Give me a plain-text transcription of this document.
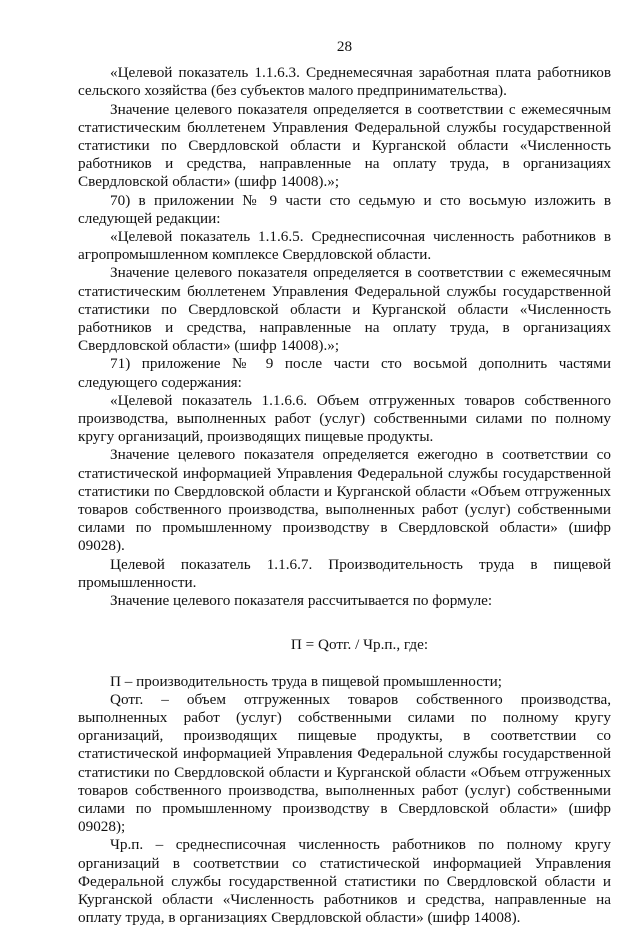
28

«Целевой показатель 1.1.6.3. Среднемесячная заработная плата работников сельского хозяйства (без субъектов малого предпринимательства).

Значение целевого показателя определяется в соответствии с ежемесячным статистическим бюллетенем Управления Федеральной службы государственной статистики по Свердловской области и Курганской области «Численность работников и средства, направленные на оплату труда, в организациях Свердловской области» (шифр 14008).»;

70) в приложении № 9 части сто седьмую и сто восьмую изложить в следующей редакции:

«Целевой показатель 1.1.6.5. Среднесписочная численность работников в агропромышленном комплексе Свердловской области.

Значение целевого показателя определяется в соответствии с ежемесячным статистическим бюллетенем Управления Федеральной службы государственной статистики по Свердловской области и Курганской области «Численность работников и средства, направленные на оплату труда, в организациях Свердловской области» (шифр 14008).»;

71) приложение № 9 после части сто восьмой дополнить частями следующего содержания:

«Целевой показатель 1.1.6.6. Объем отгруженных товаров собственного производства, выполненных работ (услуг) собственными силами по полному кругу организаций, производящих пищевые продукты.

Значение целевого показателя определяется ежегодно в соответствии со статистической информацией Управления Федеральной службы государственной статистики по Свердловской области и Курганской области «Объем отгруженных товаров собственного производства, выполненных работ (услуг) собственными силами по промышленному производству в Свердловской области» (шифр 09028).

Целевой показатель 1.1.6.7. Производительность труда в пищевой промышленности.

Значение целевого показателя рассчитывается по формуле:

П = Qотг. / Чр.п., где:

П – производительность труда в пищевой промышленности;

Qотг. – объем отгруженных товаров собственного производства, выполненных работ (услуг) собственными силами по полному кругу организаций, производящих пищевые продукты, в соответствии со статистической информацией Управления Федеральной службы государственной статистики по Свердловской области и Курганской области «Объем отгруженных товаров собственного производства, выполненных работ (услуг) собственными силами по промышленному производству в Свердловской области» (шифр 09028);

Чр.п. – среднесписочная численность работников по полному кругу организаций в соответствии со статистической информацией Управления Федеральной службы государственной статистики по Свердловской области и Курганской области «Численность работников и средства, направленные на оплату труда, в организациях Свердловской области» (шифр 14008).
